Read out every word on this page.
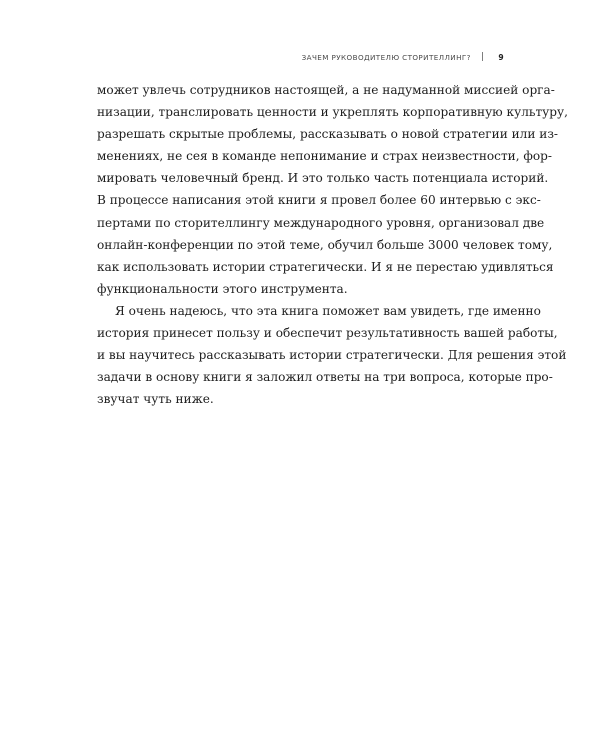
ЗАЧЕМ РУКОВОДИТЕЛЮ СТОРИТЕЛЛИНГ? | 9
может увлечь сотрудников настоящей, а не надуманной миссией орга-
низации, транслировать ценности и укреплять корпоративную культуру,
разрешать скрытые проблемы, рассказывать о новой стратегии или из-
менениях, не сея в команде непонимание и страх неизвестности, фор-
мировать человечный бренд. И это только часть потенциала историй.
В процессе написания этой книги я провел более 60 интервью с экс-
пертами по сторителлингу международного уровня, организовал две
онлайн-конференции по этой теме, обучил больше 3000 человек тому,
как использовать истории стратегически. И я не перестаю удивляться
функциональности этого инструмента.
Я очень надеюсь, что эта книга поможет вам увидеть, где именно
история принесет пользу и обеспечит результативность вашей работы,
и вы научитесь рассказывать истории стратегически. Для решения этой
задачи в основу книги я заложил ответы на три вопроса, которые про-
звучат чуть ниже.
